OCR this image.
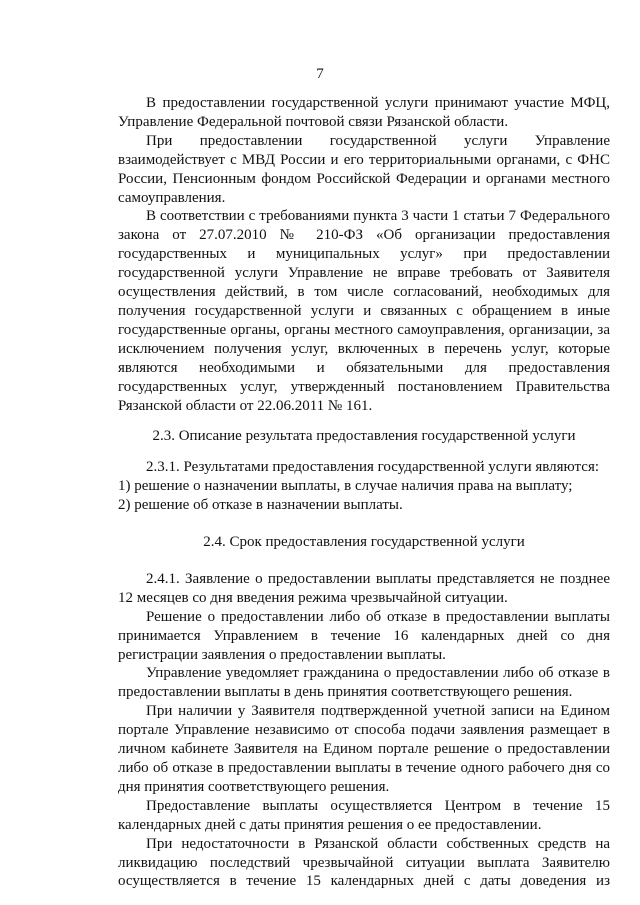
7

В предоставлении государственной услуги принимают участие МФЦ, Управление Федеральной почтовой связи Рязанской области.

При предоставлении государственной услуги Управление взаимодействует с МВД России и его территориальными органами, с ФНС России, Пенсионным фондом Российской Федерации и органами местного самоуправления.

В соответствии с требованиями пункта 3 части 1 статьи 7 Федерального закона от 27.07.2010 № 210-ФЗ «Об организации предоставления государственных и муниципальных услуг» при предоставлении государственной услуги Управление не вправе требовать от Заявителя осуществления действий, в том числе согласований, необходимых для получения государственной услуги и связанных с обращением в иные государственные органы, органы местного самоуправления, организации, за исключением получения услуг, включенных в перечень услуг, которые являются необходимыми и обязательными для предоставления государственных услуг, утвержденный постановлением Правительства Рязанской области от 22.06.2011 № 161.

2.3. Описание результата предоставления государственной услуги

2.3.1. Результатами предоставления государственной услуги являются:

1) решение о назначении выплаты, в случае наличия права на выплату;

2) решение об отказе в назначении выплаты.

2.4. Срок предоставления государственной услуги

2.4.1. Заявление о предоставлении выплаты представляется не позднее 12 месяцев со дня введения режима чрезвычайной ситуации.

Решение о предоставлении либо об отказе в предоставлении выплаты принимается Управлением в течение 16 календарных дней со дня регистрации заявления о предоставлении выплаты.

Управление уведомляет гражданина о предоставлении либо об отказе в предоставлении выплаты в день принятия соответствующего решения.

При наличии у Заявителя подтвержденной учетной записи на Едином портале Управление независимо от способа подачи заявления размещает в личном кабинете Заявителя на Едином портале решение о предоставлении либо об отказе в предоставлении выплаты в течение одного рабочего дня со дня принятия соответствующего решения.

Предоставление выплаты осуществляется Центром в течение 15 календарных дней с даты принятия решения о ее предоставлении.

При недостаточности в Рязанской области собственных средств на ликвидацию последствий чрезвычайной ситуации выплата Заявителю осуществляется в течение 15 календарных дней с даты доведения из
